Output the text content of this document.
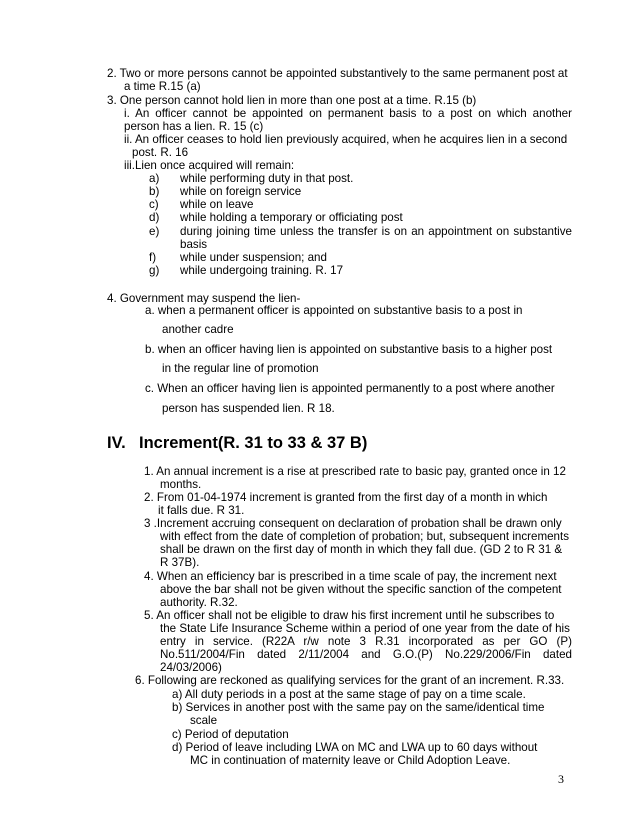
2. Two or more persons cannot be appointed substantively to the same permanent post at
a time R.15 (a)
3. One person cannot hold lien in more than one post at a time. R.15 (b)
i. An officer cannot be appointed on permanent basis to a post on which another
person has a lien. R. 15 (c)
ii. An officer ceases to hold lien previously acquired, when he acquires lien in a second
post. R. 16
iii.Lien once acquired will remain:
a) while performing duty in that post.
b) while on foreign service
c) while on leave
d) while holding a temporary or officiating post
e) during joining time unless the transfer is on an appointment on substantive
basis
f) while under suspension; and
g) while undergoing training. R. 17
4. Government may suspend the lien-
a. when a permanent officer is appointed on substantive basis to a post in
another cadre
b. when an officer having lien is appointed on substantive basis to a higher post
in the regular line of promotion
c. When an officer having lien is appointed permanently to a post where another
person has suspended lien. R 18.
IV. Increment(R. 31 to 33 & 37 B)
1. An annual increment is a rise at prescribed rate to basic pay, granted once in 12
months.
2. From 01-04-1974 increment is granted from the first day of a month in which
it falls due. R 31.
3 .Increment accruing consequent on declaration of probation shall be drawn only
with effect from the date of completion of probation; but, subsequent increments
shall be drawn on the first day of month in which they fall due. (GD 2 to R 31 &
R 37B).
4. When an efficiency bar is prescribed in a time scale of pay, the increment next
above the bar shall not be given without the specific sanction of the competent
authority. R.32.
5. An officer shall not be eligible to draw his first increment until he subscribes to
the State Life Insurance Scheme within a period of one year from the date of his
entry in service. (R22A r/w note 3 R.31 incorporated as per GO (P)
No.511/2004/Fin dated 2/11/2004 and G.O.(P) No.229/2006/Fin dated
24/03/2006)
6. Following are reckoned as qualifying services for the grant of an increment. R.33.
a) All duty periods in a post at the same stage of pay on a time scale.
b) Services in another post with the same pay on the same/identical time
scale
c) Period of deputation
d) Period of leave including LWA on MC and LWA up to 60 days without
MC in continuation of maternity leave or Child Adoption Leave.
3
